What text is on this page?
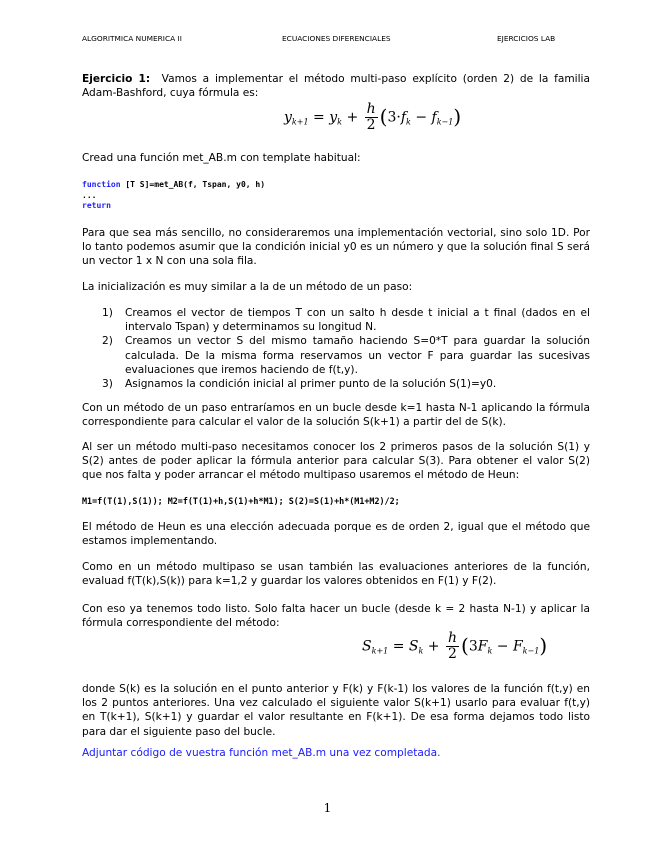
ALGORITMICA NUMERICA II	ECUACIONES DIFERENCIALES	EJERCICIOS LAB

Ejercicio 1: Vamos a implementar el método multi-paso explícito (orden 2) de la familia Adam-Bashford, cuya fórmula es:

$y_{k+1} = y_k + \frac{h}{2} (3\cdot f_k - f_{k-1})$
Cread una función met_AB.m con template habitual:
function [T S]=met_AB(f, Tspan, y0, h)
...
return
Para que sea más sencillo, no consideraremos una implementación vectorial, sino solo 1D. Por lo tanto podemos asumir que la condición inicial y0 es un número y que la solución final S será un vector 1 x N con una sola fila.
La inicialización es muy similar a la de un método de un paso:
1) Creamos el vector de tiempos T con un salto h desde t inicial a t final (dados en el intervalo Tspan) y determinamos su longitud N.
2) Creamos un vector S del mismo tamaño haciendo S=0*T para guardar la solución calculada. De la misma forma reservamos un vector F para guardar las sucesivas evaluaciones que iremos haciendo de f(t,y).
3) Asignamos la condición inicial al primer punto de la solución S(1)=y0.
Con un método de un paso entraríamos en un bucle desde k=1 hasta N-1 aplicando la fórmula correspondiente para calcular el valor de la solución S(k+1) a partir del de S(k).
Al ser un método multi-paso necesitamos conocer los 2 primeros pasos de la solución S(1) y S(2) antes de poder aplicar la fórmula anterior para calcular S(3). Para obtener el valor S(2) que nos falta y poder arrancar el método multipaso usaremos el método de Heun:
M1=f(T(1),S(1)); M2=f(T(1)+h,S(1)+h*M1); S(2)=S(1)+h*(M1+M2)/2;
El método de Heun es una elección adecuada porque es de orden 2, igual que el método que estamos implementando.
Como en un método multipaso se usan también las evaluaciones anteriores de la función, evaluad f(T(k),S(k)) para k=1,2 y guardar los valores obtenidos en F(1) y F(2).
Con eso ya tenemos todo listo. Solo falta hacer un bucle (desde k = 2 hasta N-1) y aplicar la fórmula correspondiente del método:
$S_{k+1} = S_k + \frac{h}{2} (3F_k - F_{k-1})$
donde S(k) es la solución en el punto anterior y F(k) y F(k-1) los valores de la función f(t,y) en los 2 puntos anteriores. Una vez calculado el siguiente valor S(k+1) usarlo para evaluar f(t,y) en T(k+1), S(k+1) y guardar el valor resultante en F(k+1). De esa forma dejamos todo listo para dar el siguiente paso del bucle.
Adjuntar código de vuestra función met_AB.m una vez completada.
1
